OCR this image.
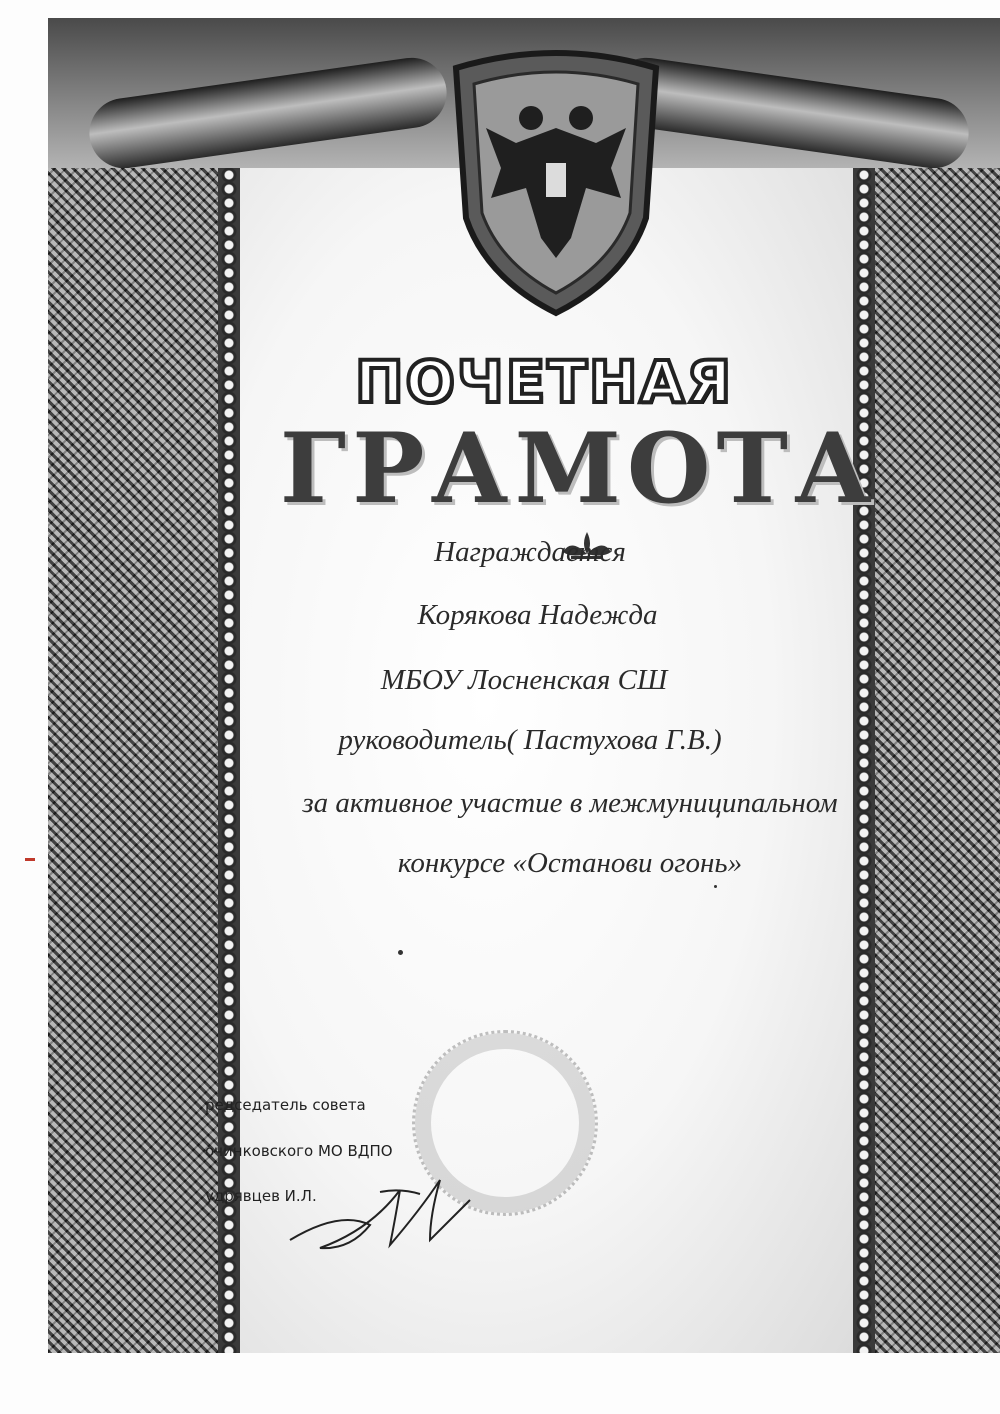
ПОЧЕТНАЯ
ГРАМОТА
Награждается
Корякова Надежда
МБОУ Лосненская СШ
руководитель( Пастухова Г.В.)
за активное участие в межмуниципальном
конкурсе «Останови огонь»
редседатель совета
очинковского МО ВДПО
удрявцев И.Л.
